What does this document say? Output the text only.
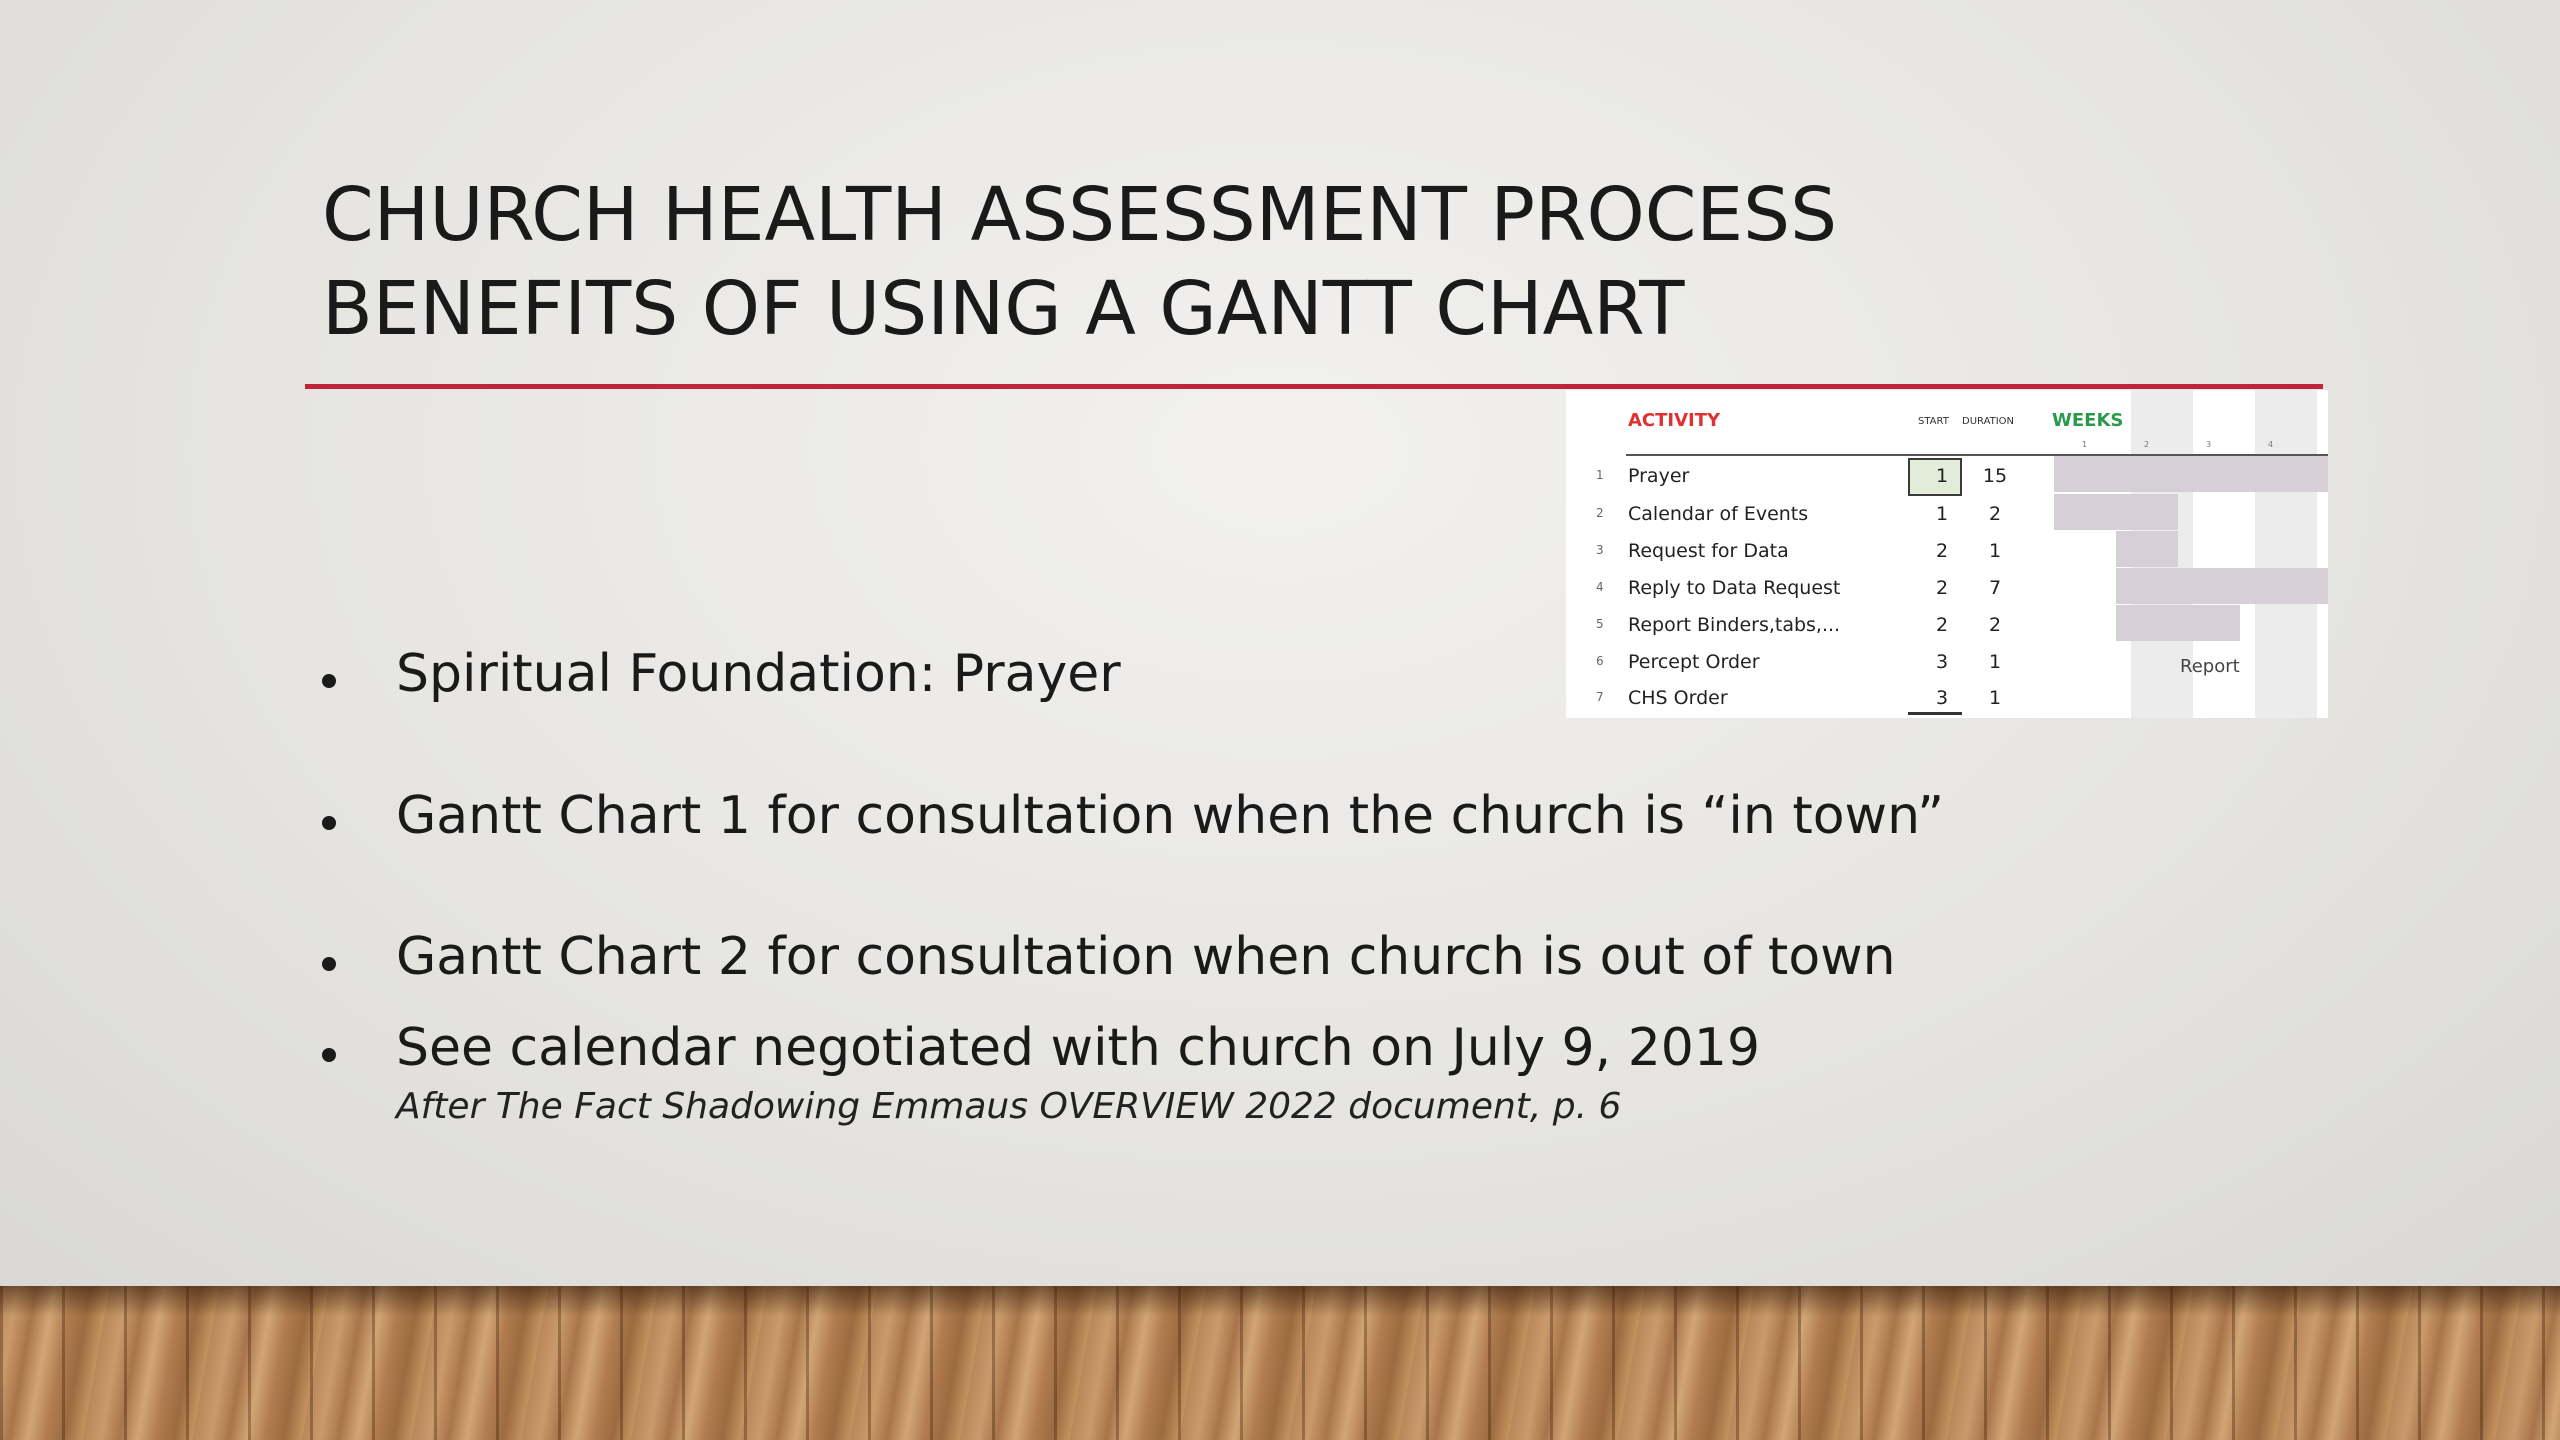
CHURCH HEALTH ASSESSMENT PROCESS
BENEFITS OF USING A GANTT CHART
Spiritual Foundation: Prayer
Gantt Chart 1 for consultation when the church is “in town”
Gantt Chart 2 for consultation when church is out of town
See calendar negotiated with church on July 9, 2019
After The Fact Shadowing Emmaus OVERVIEW 2022 document, p. 6
ACTIVITY	START DURATION WEEKS
1	2	3	4
1 Prayer	1 15
2 Calendar of Events	1	2
3 Request for Data	2	1
4 Reply to Data Request	2	7
5 Report Binders,tabs,...	2	2
6 Percept Order	3	1
7 CHS Order	3	1
Report
